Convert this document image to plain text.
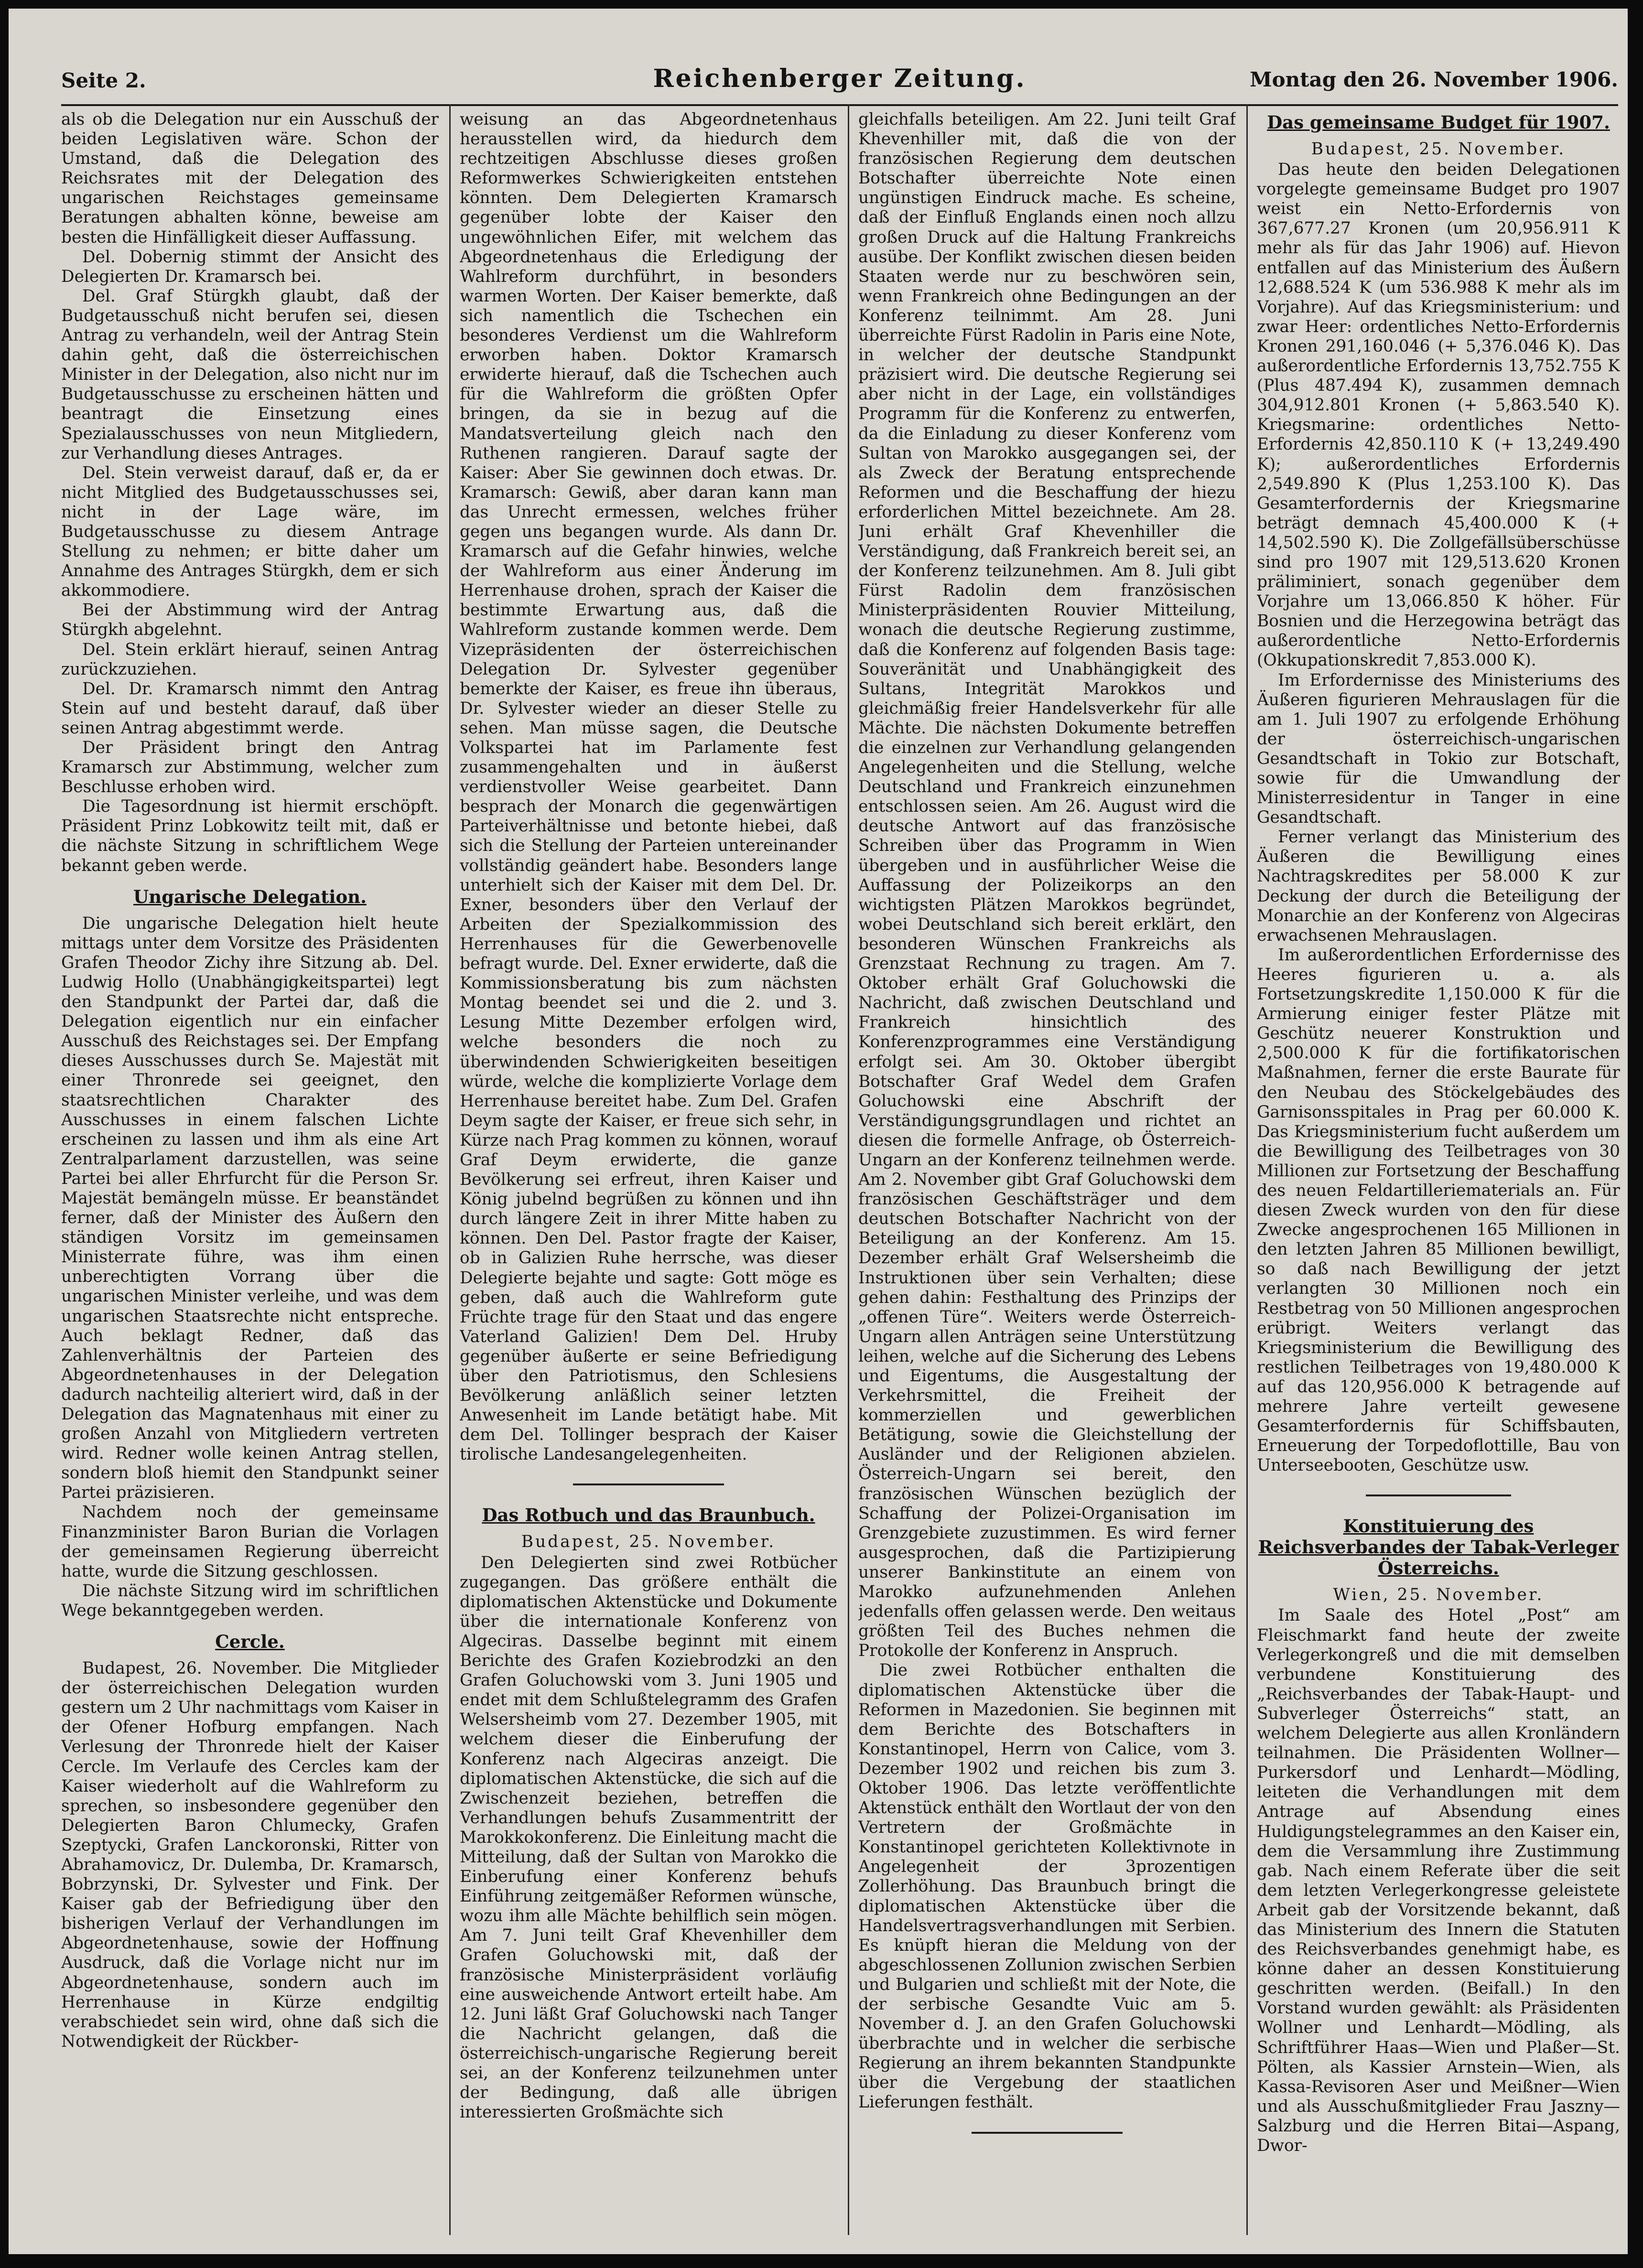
Seite 2.	Reichenberger Zeitung.	Montag den 26. November 1906.

als ob die Delegation nur ein Ausschuß der beiden Legislativen wäre. Schon der Umstand, daß die Delegation des Reichsrates mit der Delegation des ungarischen Reichstages gemeinsame Beratungen abhalten könne, beweise am besten die Hinfälligkeit dieser Auffassung.

Del. Dobernig stimmt der Ansicht des Delegierten Dr. Kramarsch bei.

Del. Graf Stürgkh glaubt, daß der Budgetausschuß nicht berufen sei, diesen Antrag zu verhandeln, weil der Antrag Stein dahin geht, daß die österreichischen Minister in der Delegation, also nicht nur im Budgetausschusse zu erscheinen hätten und beantragt die Einsetzung eines Spezialausschusses von neun Mitgliedern, zur Verhandlung dieses Antrages.

Del. Stein verweist darauf, daß er, da er nicht Mitglied des Budgetausschusses sei, nicht in der Lage wäre, im Budgetausschusse zu diesem Antrage Stellung zu nehmen; er bitte daher um Annahme des Antrages Stürgkh, dem er sich akkommodiere.

Bei der Abstimmung wird der Antrag Stürgkh abgelehnt.

Del. Stein erklärt hierauf, seinen Antrag zurückzuziehen.

Del. Dr. Kramarsch nimmt den Antrag Stein auf und besteht darauf, daß über seinen Antrag abgestimmt werde.

Der Präsident bringt den Antrag Kramarsch zur Abstimmung, welcher zum Beschlusse erhoben wird.

Die Tagesordnung ist hiermit erschöpft. Präsident Prinz Lobkowitz teilt mit, daß er die nächste Sitzung in schriftlichem Wege bekannt geben werde.

Ungarische Delegation.

Die ungarische Delegation hielt heute mittags unter dem Vorsitze des Präsidenten Grafen Theodor Zichy ihre Sitzung ab. Del. Ludwig Hollo (Unabhängigkeitspartei) legt den Standpunkt der Partei dar, daß die Delegation eigentlich nur ein einfacher Ausschuß des Reichstages sei. Der Empfang dieses Ausschusses durch Se. Majestät mit einer Thronrede sei geeignet, den staatsrechtlichen Charakter des Ausschusses in einem falschen Lichte erscheinen zu lassen und ihm als eine Art Zentralparlament darzustellen, was seine Partei bei aller Ehrfurcht für die Person Sr. Majestät bemängeln müsse. Er beanständet ferner, daß der Minister des Äußern den ständigen Vorsitz im gemeinsamen Ministerrate führe, was ihm einen unberechtigten Vorrang über die ungarischen Minister verleihe, und was dem ungarischen Staatsrechte nicht entspreche. Auch beklagt Redner, daß das Zahlenverhältnis der Parteien des Abgeordnetenhauses in der Delegation dadurch nachteilig alteriert wird, daß in der Delegation das Magnatenhaus mit einer zu großen Anzahl von Mitgliedern vertreten wird. Redner wolle keinen Antrag stellen, sondern bloß hiemit den Standpunkt seiner Partei präzisieren.

Nachdem noch der gemeinsame Finanzminister Baron Burian die Vorlagen der gemeinsamen Regierung überreicht hatte, wurde die Sitzung geschlossen.

Die nächste Sitzung wird im schriftlichen Wege bekanntgegeben werden.

Cercle.

Budapest, 26. November. Die Mitglieder der österreichischen Delegation wurden gestern um 2 Uhr nachmittags vom Kaiser in der Ofener Hofburg empfangen. Nach Verlesung der Thronrede hielt der Kaiser Cercle. Im Verlaufe des Cercles kam der Kaiser wiederholt auf die Wahlreform zu sprechen, so insbesondere gegenüber den Delegierten Baron Chlumecky, Grafen Szeptycki, Grafen Lanckoronski, Ritter von Abrahamovicz, Dr. Dulemba, Dr. Kramarsch, Bobrzynski, Dr. Sylvester und Fink. Der Kaiser gab der Befriedigung über den bisherigen Verlauf der Verhandlungen im Abgeordnetenhause, sowie der Hoffnung Ausdruck, daß die Vorlage nicht nur im Abgeordnetenhause, sondern auch im Herrenhause in Kürze endgiltig verabschiedet sein wird, ohne daß sich die Notwendigkeit der Rückber-

weisung an das Abgeordnetenhaus herausstellen wird, da hiedurch dem rechtzeitigen Abschlusse dieses großen Reformwerkes Schwierigkeiten entstehen könnten. Dem Delegierten Kramarsch gegenüber lobte der Kaiser den ungewöhnlichen Eifer, mit welchem das Abgeordnetenhaus die Erledigung der Wahlreform durchführt, in besonders warmen Worten. Der Kaiser bemerkte, daß sich namentlich die Tschechen ein besonderes Verdienst um die Wahlreform erworben haben. Doktor Kramarsch erwiderte hierauf, daß die Tschechen auch für die Wahlreform die größten Opfer bringen, da sie in bezug auf die Mandatsverteilung gleich nach den Ruthenen rangieren. Darauf sagte der Kaiser: Aber Sie gewinnen doch etwas. Dr. Kramarsch: Gewiß, aber daran kann man das Unrecht ermessen, welches früher gegen uns begangen wurde. Als dann Dr. Kramarsch auf die Gefahr hinwies, welche der Wahlreform aus einer Änderung im Herrenhause drohen, sprach der Kaiser die bestimmte Erwartung aus, daß die Wahlreform zustande kommen werde. Dem Vizepräsidenten der österreichischen Delegation Dr. Sylvester gegenüber bemerkte der Kaiser, es freue ihn überaus, Dr. Sylvester wieder an dieser Stelle zu sehen. Man müsse sagen, die Deutsche Volkspartei hat im Parlamente fest zusammengehalten und in äußerst verdienstvoller Weise gearbeitet. Dann besprach der Monarch die gegenwärtigen Parteiverhältnisse und betonte hiebei, daß sich die Stellung der Parteien untereinander vollständig geändert habe. Besonders lange unterhielt sich der Kaiser mit dem Del. Dr. Exner, besonders über den Verlauf der Arbeiten der Spezialkommission des Herrenhauses für die Gewerbenovelle befragt wurde. Del. Exner erwiderte, daß die Kommissionsberatung bis zum nächsten Montag beendet sei und die 2. und 3. Lesung Mitte Dezember erfolgen wird, welche besonders die noch zu überwindenden Schwierigkeiten beseitigen würde, welche die komplizierte Vorlage dem Herrenhause bereitet habe. Zum Del. Grafen Deym sagte der Kaiser, er freue sich sehr, in Kürze nach Prag kommen zu können, worauf Graf Deym erwiderte, die ganze Bevölkerung sei erfreut, ihren Kaiser und König jubelnd begrüßen zu können und ihn durch längere Zeit in ihrer Mitte haben zu können. Den Del. Pastor fragte der Kaiser, ob in Galizien Ruhe herrsche, was dieser Delegierte bejahte und sagte: Gott möge es geben, daß auch die Wahlreform gute Früchte trage für den Staat und das engere Vaterland Galizien! Dem Del. Hruby gegenüber äußerte er seine Befriedigung über den Patriotismus, den Schlesiens Bevölkerung anläßlich seiner letzten Anwesenheit im Lande betätigt habe. Mit dem Del. Tollinger besprach der Kaiser tirolische Landesangelegenheiten.

Das Rotbuch und das Braunbuch.
Budapest, 25. November.

Den Delegierten sind zwei Rotbücher zugegangen. Das größere enthält die diplomatischen Aktenstücke und Dokumente über die internationale Konferenz von Algeciras. Dasselbe beginnt mit einem Berichte des Grafen Koziebrodzki an den Grafen Goluchowski vom 3. Juni 1905 und endet mit dem Schlußtelegramm des Grafen Welsersheimb vom 27. Dezember 1905, mit welchem dieser die Einberufung der Konferenz nach Algeciras anzeigt. Die diplomatischen Aktenstücke, die sich auf die Zwischenzeit beziehen, betreffen die Verhandlungen behufs Zusammentritt der Marokkokonferenz. Die Einleitung macht die Mitteilung, daß der Sultan von Marokko die Einberufung einer Konferenz behufs Einführung zeitgemäßer Reformen wünsche, wozu ihm alle Mächte behilflich sein mögen. Am 7. Juni teilt Graf Khevenhiller dem Grafen Goluchowski mit, daß der französische Ministerpräsident vorläufig eine ausweichende Antwort erteilt habe. Am 12. Juni läßt Graf Goluchowski nach Tanger die Nachricht gelangen, daß die österreichisch-ungarische Regierung bereit sei, an der Konferenz teilzunehmen unter der Bedingung, daß alle übrigen interessierten Großmächte sich

gleichfalls beteiligen. Am 22. Juni teilt Graf Khevenhiller mit, daß die von der französischen Regierung dem deutschen Botschafter überreichte Note einen ungünstigen Eindruck mache. Es scheine, daß der Einfluß Englands einen noch allzu großen Druck auf die Haltung Frankreichs ausübe. Der Konflikt zwischen diesen beiden Staaten werde nur zu beschwören sein, wenn Frankreich ohne Bedingungen an der Konferenz teilnimmt. Am 28. Juni überreichte Fürst Radolin in Paris eine Note, in welcher der deutsche Standpunkt präzisiert wird. Die deutsche Regierung sei aber nicht in der Lage, ein vollständiges Programm für die Konferenz zu entwerfen, da die Einladung zu dieser Konferenz vom Sultan von Marokko ausgegangen sei, der als Zweck der Beratung entsprechende Reformen und die Beschaffung der hiezu erforderlichen Mittel bezeichnete. Am 28. Juni erhält Graf Khevenhiller die Verständigung, daß Frankreich bereit sei, an der Konferenz teilzunehmen. Am 8. Juli gibt Fürst Radolin dem französischen Ministerpräsidenten Rouvier Mitteilung, wonach die deutsche Regierung zustimme, daß die Konferenz auf folgenden Basis tage: Souveränität und Unabhängigkeit des Sultans, Integrität Marokkos und gleichmäßig freier Handelsverkehr für alle Mächte. Die nächsten Dokumente betreffen die einzelnen zur Verhandlung gelangenden Angelegenheiten und die Stellung, welche Deutschland und Frankreich einzunehmen entschlossen seien. Am 26. August wird die deutsche Antwort auf das französische Schreiben über das Programm in Wien übergeben und in ausführlicher Weise die Auffassung der Polizeikorps an den wichtigsten Plätzen Marokkos begründet, wobei Deutschland sich bereit erklärt, den besonderen Wünschen Frankreichs als Grenzstaat Rechnung zu tragen. Am 7. Oktober erhält Graf Goluchowski die Nachricht, daß zwischen Deutschland und Frankreich hinsichtlich des Konferenzprogrammes eine Verständigung erfolgt sei. Am 30. Oktober übergibt Botschafter Graf Wedel dem Grafen Goluchowski eine Abschrift der Verständigungsgrundlagen und richtet an diesen die formelle Anfrage, ob Österreich-Ungarn an der Konferenz teilnehmen werde. Am 2. November gibt Graf Goluchowski dem französischen Geschäftsträger und dem deutschen Botschafter Nachricht von der Beteiligung an der Konferenz. Am 15. Dezember erhält Graf Welsersheimb die Instruktionen über sein Verhalten; diese gehen dahin: Festhaltung des Prinzips der „offenen Türe“. Weiters werde Österreich-Ungarn allen Anträgen seine Unterstützung leihen, welche auf die Sicherung des Lebens und Eigentums, die Ausgestaltung der Verkehrsmittel, die Freiheit der kommerziellen und gewerblichen Betätigung, sowie die Gleichstellung der Ausländer und der Religionen abzielen. Österreich-Ungarn sei bereit, den französischen Wünschen bezüglich der Schaffung der Polizei-Organisation im Grenzgebiete zuzustimmen. Es wird ferner ausgesprochen, daß die Partizipierung unserer Bankinstitute an einem von Marokko aufzunehmenden Anlehen jedenfalls offen gelassen werde. Den weitaus größten Teil des Buches nehmen die Protokolle der Konferenz in Anspruch.

Die zwei Rotbücher enthalten die diplomatischen Aktenstücke über die Reformen in Mazedonien. Sie beginnen mit dem Berichte des Botschafters in Konstantinopel, Herrn von Calice, vom 3. Dezember 1902 und reichen bis zum 3. Oktober 1906. Das letzte veröffentlichte Aktenstück enthält den Wortlaut der von den Vertretern der Großmächte in Konstantinopel gerichteten Kollektivnote in Angelegenheit der 3prozentigen Zollerhöhung. Das Braunbuch bringt die diplomatischen Aktenstücke über die Handelsvertragsverhandlungen mit Serbien. Es knüpft hieran die Meldung von der abgeschlossenen Zollunion zwischen Serbien und Bulgarien und schließt mit der Note, die der serbische Gesandte Vuic am 5. November d. J. an den Grafen Goluchowski überbrachte und in welcher die serbische Regierung an ihrem bekannten Standpunkte über die Vergebung der staatlichen Lieferungen festhält.

Das gemeinsame Budget für 1907.
Budapest, 25. November.

Das heute den beiden Delegationen vorgelegte gemeinsame Budget pro 1907 weist ein Netto-Erfordernis von 367,677.27 Kronen (um 20,956.911 K mehr als für das Jahr 1906) auf. Hievon entfallen auf das Ministerium des Äußern 12,688.524 K (um 536.988 K mehr als im Vorjahre). Auf das Kriegsministerium: und zwar Heer: ordentliches Netto-Erfordernis Kronen 291,160.046 (+ 5,376.046 K). Das außerordentliche Erfordernis 13,752.755 K (Plus 487.494 K), zusammen demnach 304,912.801 Kronen (+ 5,863.540 K). Kriegsmarine: ordentliches Netto-Erfordernis 42,850.110 K (+ 13,249.490 K); außerordentliches Erfordernis 2,549.890 K (Plus 1,253.100 K). Das Gesamterfordernis der Kriegsmarine beträgt demnach 45,400.000 K (+ 14,502.590 K). Die Zollgefällsüberschüsse sind pro 1907 mit 129,513.620 Kronen präliminiert, sonach gegenüber dem Vorjahre um 13,066.850 K höher. Für Bosnien und die Herzegowina beträgt das außerordentliche Netto-Erfordernis (Okkupationskredit 7,853.000 K).

Im Erfordernisse des Ministeriums des Äußeren figurieren Mehrauslagen für die am 1. Juli 1907 zu erfolgende Erhöhung der österreichisch-ungarischen Gesandtschaft in Tokio zur Botschaft, sowie für die Umwandlung der Ministerresidentur in Tanger in eine Gesandtschaft.

Ferner verlangt das Ministerium des Äußeren die Bewilligung eines Nachtragskredites per 58.000 K zur Deckung der durch die Beteiligung der Monarchie an der Konferenz von Algeciras erwachsenen Mehrauslagen.

Im außerordentlichen Erfordernisse des Heeres figurieren u. a. als Fortsetzungskredite 1,150.000 K für die Armierung einiger fester Plätze mit Geschütz neuerer Konstruktion und 2,500.000 K für die fortifikatorischen Maßnahmen, ferner die erste Baurate für den Neubau des Stöckelgebäudes des Garnisonsspitales in Prag per 60.000 K. Das Kriegsministerium fucht außerdem um die Bewilligung des Teilbetrages von 30 Millionen zur Fortsetzung der Beschaffung des neuen Feldartilleriematerials an. Für diesen Zweck wurden von den für diese Zwecke angesprochenen 165 Millionen in den letzten Jahren 85 Millionen bewilligt, so daß nach Bewilligung der jetzt verlangten 30 Millionen noch ein Restbetrag von 50 Millionen angesprochen erübrigt. Weiters verlangt das Kriegsministerium die Bewilligung des restlichen Teilbetrages von 19,480.000 K auf das 120,956.000 K betragende auf mehrere Jahre verteilt gewesene Gesamterfordernis für Schiffsbauten, Erneuerung der Torpedoflottille, Bau von Unterseebooten, Geschütze usw.

Konstituierung des Reichsverbandes der Tabak-Verleger Österreichs.
Wien, 25. November.

Im Saale des Hotel „Post“ am Fleischmarkt fand heute der zweite Verlegerkongreß und die mit demselben verbundene Konstituierung des „Reichsverbandes der Tabak-Haupt- und Subverleger Österreichs“ statt, an welchem Delegierte aus allen Kronländern teilnahmen. Die Präsidenten Wollner—Purkersdorf und Lenhardt—Mödling, leiteten die Verhandlungen mit dem Antrage auf Absendung eines Huldigungstelegrammes an den Kaiser ein, dem die Versammlung ihre Zustimmung gab. Nach einem Referate über die seit dem letzten Verlegerkongresse geleistete Arbeit gab der Vorsitzende bekannt, daß das Ministerium des Innern die Statuten des Reichsverbandes genehmigt habe, es könne daher an dessen Konstituierung geschritten werden. (Beifall.) In den Vorstand wurden gewählt: als Präsidenten Wollner und Lenhardt—Mödling, als Schriftführer Haas—Wien und Plaßer—St. Pölten, als Kassier Arnstein—Wien, als Kassa-Revisoren Aser und Meißner—Wien und als Ausschußmitglieder Frau Jaszny—Salzburg und die Herren Bitai—Aspang, Dwor-
